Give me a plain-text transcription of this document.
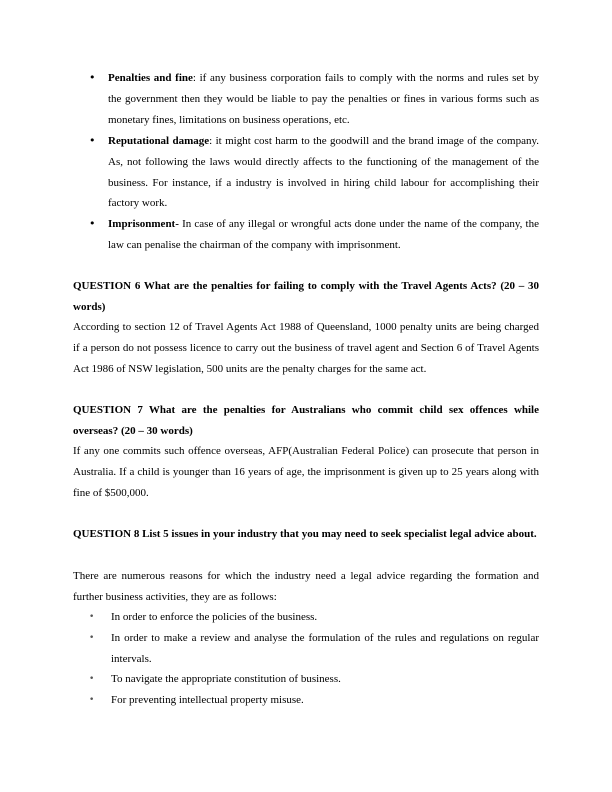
•	Penalties and fine: if any business corporation fails to comply with the norms and rules set by the government then they would be liable to pay the penalties or fines in various forms such as monetary fines, limitations on business operations, etc.
•	Reputational damage: it might cost harm to the goodwill and the brand image of the company. As, not following the laws would directly affects to the functioning of the management of the business. For instance, if a industry is involved in hiring child labour for accomplishing their factory work.
•	Imprisonment- In case of any illegal or wrongful acts done under the name of the company, the law can penalise the chairman of the company with imprisonment.
QUESTION 6 What are the penalties for failing to comply with the Travel Agents Acts? (20 – 30 words)
According to section 12 of Travel Agents Act 1988 of Queensland, 1000 penalty units are being charged if a person do not possess licence to carry out the business of travel agent and Section 6 of Travel Agents Act 1986 of NSW legislation, 500 units are the penalty charges for the same act.
QUESTION 7 What are the penalties for Australians who commit child sex offences while overseas? (20 – 30 words)
If any one commits such offence overseas, AFP(Australian Federal Police) can prosecute that person in Australia. If a child is younger than 16 years of age, the imprisonment is given up to 25 years along with fine of $500,000.
QUESTION 8 List 5 issues in your industry that you may need to seek specialist legal advice about.
There are numerous reasons for which the industry need a legal advice regarding the formation and further business activities, they are as follows:
•	In order to enforce the policies of the business.
•	In order to make a review and analyse the formulation of the rules and regulations on regular intervals.
•	To navigate the appropriate constitution of business.
•	For preventing intellectual property misuse.
